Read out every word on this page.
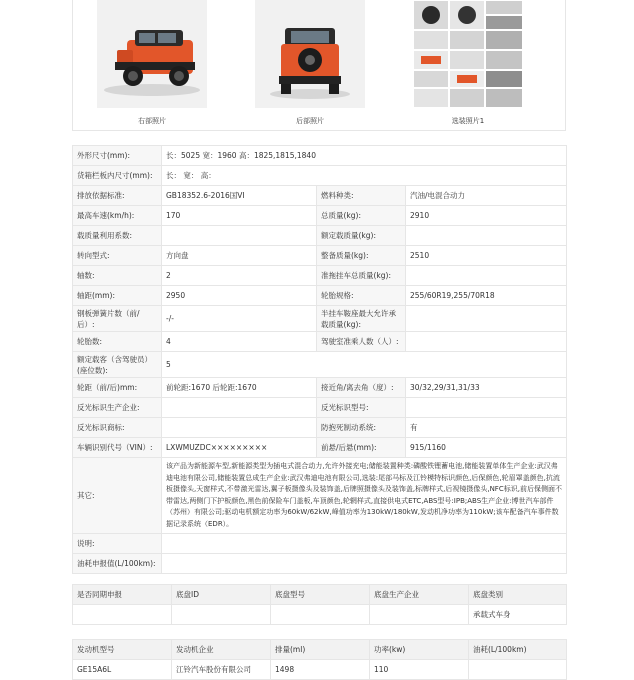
右部照片	后部照片	选装照片1
外形尺寸(mm):	长：5025 宽：1960 高：1825,1815,1840		
货箱栏板内尺寸(mm):	长： 宽： 高：		
排放依据标准:	GB18352.6-2016国VI	燃料种类:	汽油/电混合动力
最高车速(km/h):	170	总质量(kg):	2910
载质量利用系数:		额定载质量(kg):	
转向型式:	方向盘	整备质量(kg):	2510
轴数:	2	准拖挂车总质量(kg):	
轴距(mm):	2950	轮胎规格:	255/60R19,255/70R18
钢板弹簧片数（前/后）:	-/-	半挂车鞍座最大允许承载质量(kg):	
轮胎数:	4	驾驶室准乘人数（人）:	
额定载客（含驾驶员）(座位数):	5		
轮距（前/后)mm:	前轮距:1670 后轮距:1670	接近角/离去角（度）:	30/32,29/31,31/33
反光标识生产企业:		反光标识型号:	
反光标识商标:		防抱死制动系统:	有
车辆识别代号（VIN）:	LXWMUZDC×××××××××	前悬/后悬(mm):	915/1160
其它:	该产品为新能源车型,新能源类型为插电式混合动力,允许外接充电;储能装置种类:磷酸铁锂蓄电池,储能装置单体生产企业:武汉弗迪电池有限公司,储能装置总成生产企业:武汉弗迪电池有限公司,选装:尾部马标及江铃模特标识颜色,后保颜色,轮眉罩盖颜色,抗流板摄像头,天窗样式,不带激光雷达,翼子板摄像头及装饰盖,后牌照摄像头及装饰盖,标牌样式,后视镜摄像头,NFC标识,前后保侧面不带雷达,两侧门下护板颜色,黑色前保险车门盖板,车顶颜色,轮辋样式,直接供电式ETC,ABS型号:IPB;ABS生产企业:博世汽车部件（苏州）有限公司;驱动电机额定功率为60kW/62kW,峰值功率为130kW/180kW,发动机净功率为110kW;该车配备汽车事件数据记录系统（EDR）。		
说明:			
油耗申报值(L/100km):			
是否同期申报	底盘ID	底盘型号	底盘生产企业	底盘类别
				承载式车身
发动机型号	发动机企业	排量(ml)	功率(kw)	油耗(L/100km)
GE15A6L	江铃汽车股份有限公司	1498	110	
